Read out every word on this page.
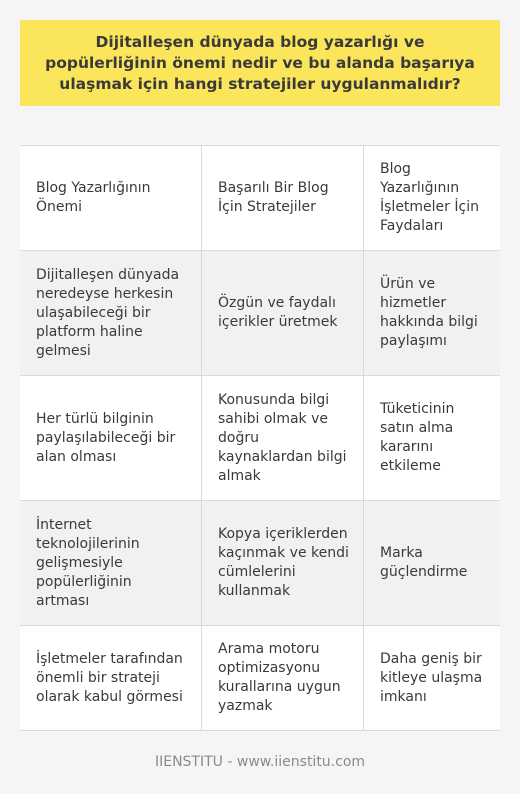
Dijitalleşen dünyada blog yazarlığı ve popülerliğinin önemi nedir ve bu alanda başarıya ulaşmak için hangi stratejiler uygulanmalıdır?
Blog Yazarlığının Önemi
Başarılı Bir Blog İçin Stratejiler
Blog Yazarlığının İşletmeler İçin Faydaları
Dijitalleşen dünyada neredeyse herkesin ulaşabileceği bir platform haline gelmesi
Özgün ve faydalı içerikler üretmek
Ürün ve hizmetler hakkında bilgi paylaşımı
Her türlü bilginin paylaşılabileceği bir alan olması
Konusunda bilgi sahibi olmak ve doğru kaynaklardan bilgi almak
Tüketicinin satın alma kararını etkileme
İnternet teknolojilerinin gelişmesiyle popülerliğinin artması
Kopya içeriklerden kaçınmak ve kendi cümlelerini kullanmak
Marka güçlendirme
İşletmeler tarafından önemli bir strateji olarak kabul görmesi
Arama motoru optimizasyonu kurallarına uygun yazmak
Daha geniş bir kitleye ulaşma imkanı
IIENSTITU - www.iienstitu.com
